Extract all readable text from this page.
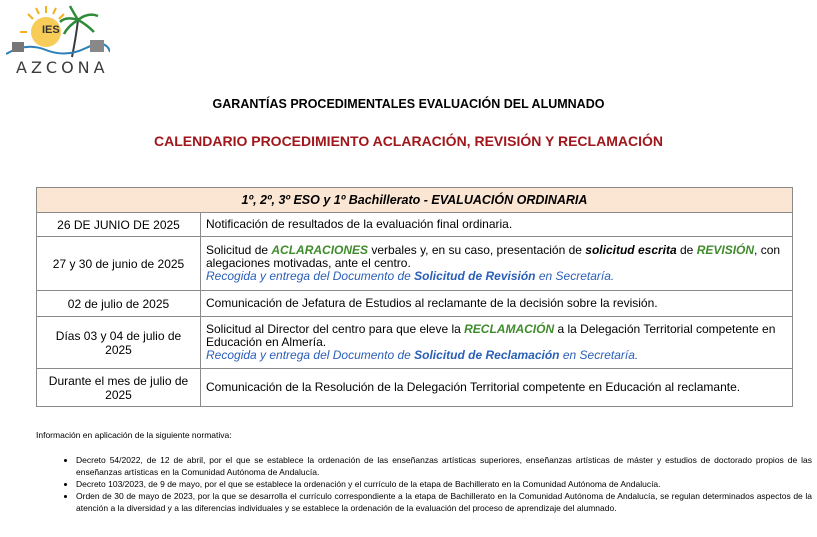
IES
AZCONA
GARANTÍAS PROCEDIMENTALES EVALUACIÓN DEL ALUMNADO
CALENDARIO PROCEDIMIENTO ACLARACIÓN, REVISIÓN Y RECLAMACIÓN
1º, 2º, 3º ESO y 1º Bachillerato - EVALUACIÓN ORDINARIA	
26 DE JUNIO DE 2025	Notificación de resultados de la evaluación final ordinaria.
27 y 30 de junio de 2025	Solicitud de ACLARACIONES verbales y, en su caso, presentación de solicitud escrita de REVISIÓN, con alegaciones motivadas, ante el centro.
Recogida y entrega del Documento de Solicitud de Revisión en Secretaría.
02 de julio de 2025	Comunicación de Jefatura de Estudios al reclamante de la decisión sobre la revisión.
Días 03 y 04 de julio de 2025	Solicitud al Director del centro para que eleve la RECLAMACIÓN a la Delegación Territorial competente en Educación en Almería.
Recogida y entrega del Documento de Solicitud de Reclamación en Secretaría.
Durante el mes de julio de 2025	Comunicación de la Resolución de la Delegación Territorial competente en Educación al reclamante.
Información en aplicación de la siguiente normativa:
• Decreto 54/2022, de 12 de abril, por el que se establece la ordenación de las enseñanzas artísticas superiores, enseñanzas artísticas de máster y estudios de doctorado propios de las enseñanzas artísticas en la Comunidad Autónoma de Andalucía.
• Decreto 103/2023, de 9 de mayo, por el que se establece la ordenación y el currículo de la etapa de Bachillerato en la Comunidad Autónoma de Andalucía.
• Orden de 30 de mayo de 2023, por la que se desarrolla el currículo correspondiente a la etapa de Bachillerato en la Comunidad Autónoma de Andalucía, se regulan determinados aspectos de la atención a la diversidad y a las diferencias individuales y se establece la ordenación de la evaluación del proceso de aprendizaje del alumnado.
